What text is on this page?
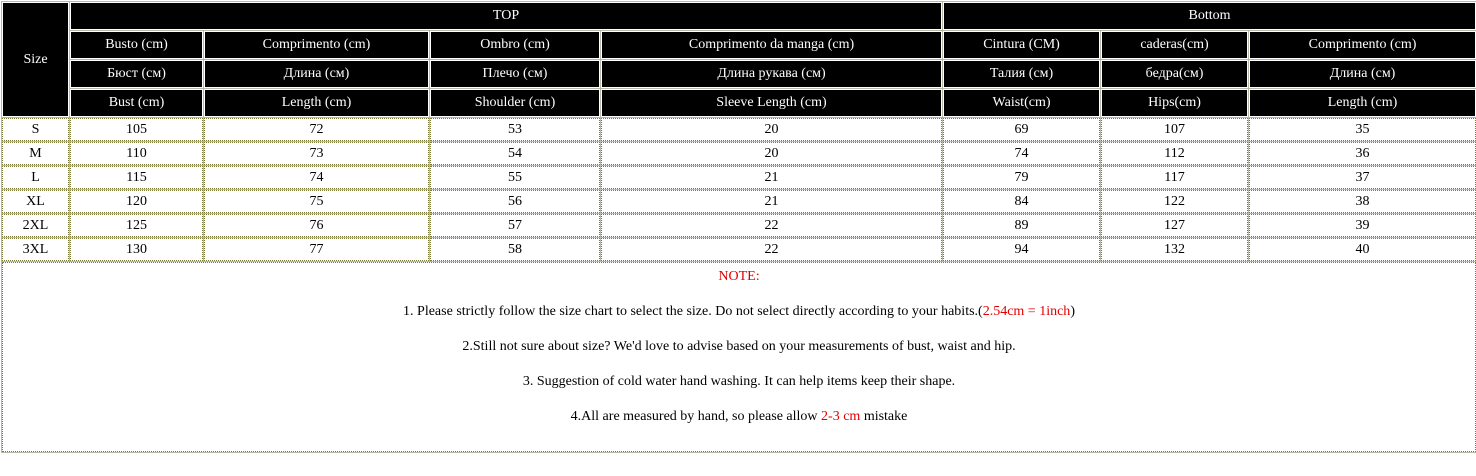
Size	TOP				Bottom		
	Busto (cm)	Comprimento (cm)	Ombro (cm)	Comprimento da manga (cm)	Cintura (CM)	caderas(cm)	Comprimento (cm)
	Бюст (см)	Длина (см)	Плечо (см)	Длина рукава (см)	Талия (см)	бедра(см)	Длина (см)
	Bust (cm)	Length (cm)	Shoulder (cm)	Sleeve Length (cm)	Waist(cm)	Hips(cm)	Length (cm)
S	105	72	53	20	69	107	35
M	110	73	54	20	74	112	36
L	115	74	55	21	79	117	37
XL	120	75	56	21	84	122	38
2XL	125	76	57	22	89	127	39
3XL	130	77	58	22	94	132	40

NOTE:
1. Please strictly follow the size chart to select the size. Do not select directly according to your habits.(2.54cm = 1inch)
2.Still not sure about size? We'd love to advise based on your measurements of bust, waist and hip.
3. Suggestion of cold water hand washing. It can help items keep their shape.
4.All are measured by hand, so please allow 2-3 cm mistake							
